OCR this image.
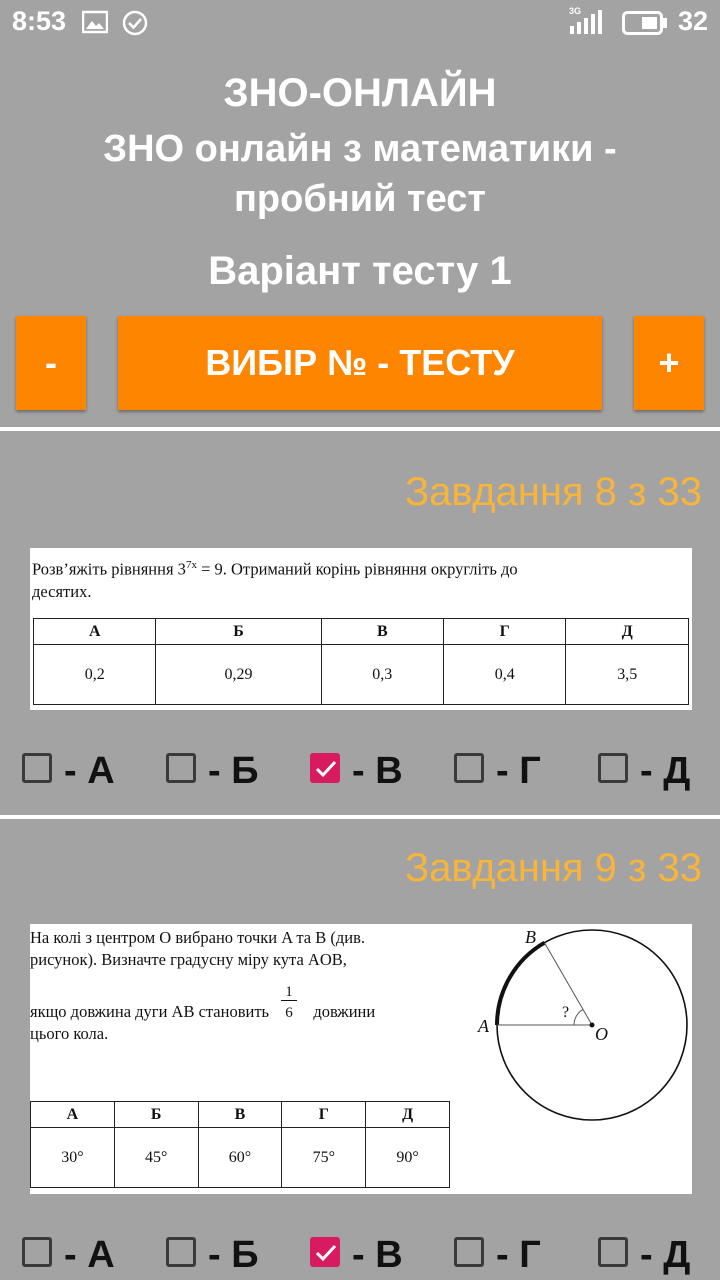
8:53	3G	32
ЗНО-ОНЛАЙН
ЗНО онлайн з математики - пробний тест
Варіант тесту 1
-	ВИБІР № - ТЕСТУ	+
Завдання 8 з 33
Розв’яжіть рівняння $3^{7x} = 9$. Отриманий корінь рівняння округліть до
десятих.
А	Б	В	Г	Д
0,2	0,29	0,3	0,4	3,5
- А - Б - В - Г	- Д
Завдання 9 з 33
На колі з центром O вибрано точки A та B (див.
рисунок). Визначте градусну міру кута AOB,
якщо довжина дуги AB становить $\frac{1}{6}$ довжини
цього кола.	A
B
O
?
А	Б	В	Г	Д
30°	45°	60°	75°	90°
- А - Б - В - Г	- Д
